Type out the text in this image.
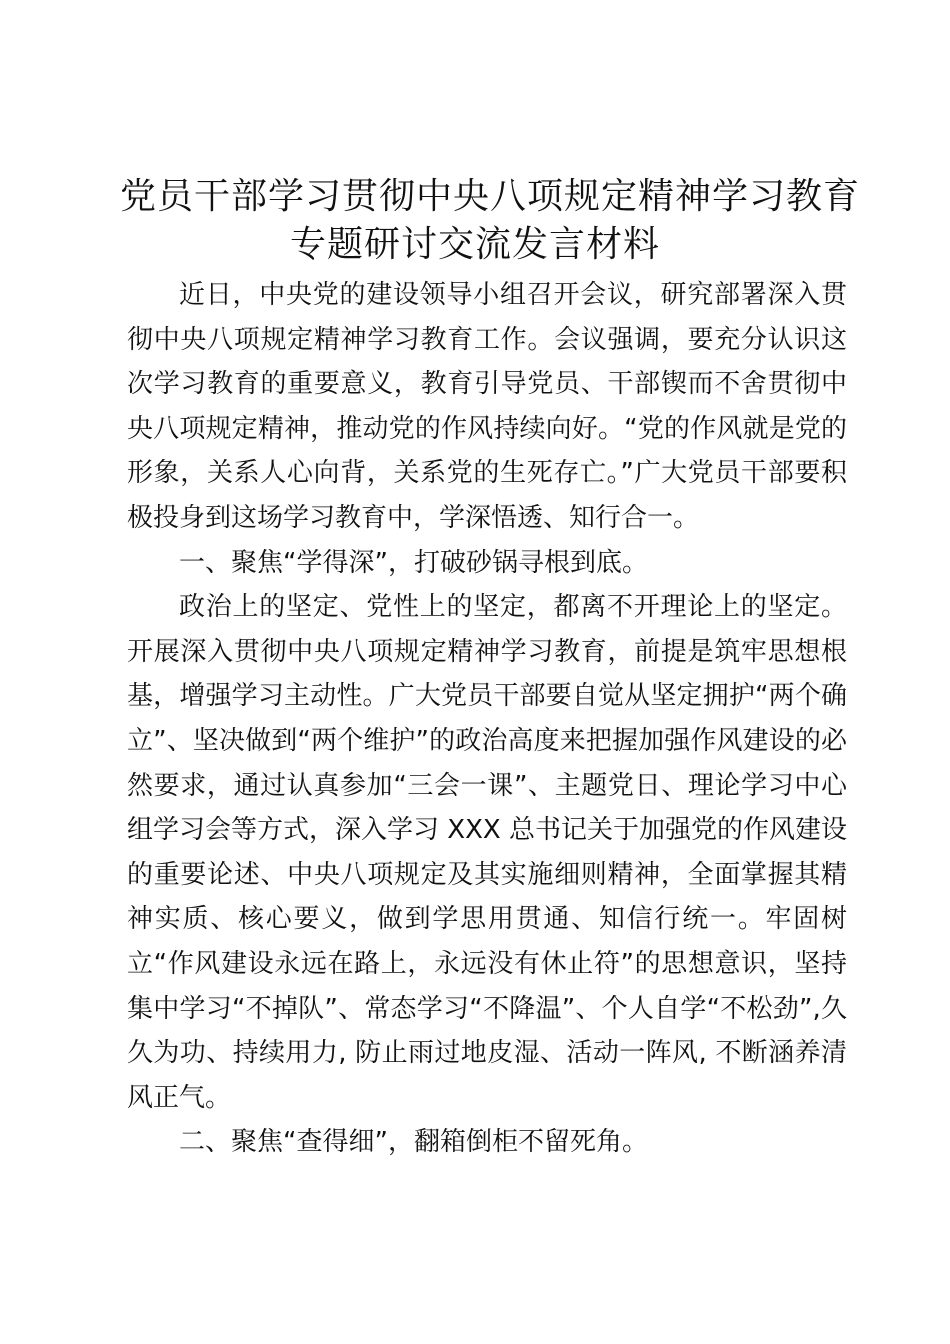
党员干部学习贯彻中央八项规定精神学习教育
专题研讨交流发言材料

近日，中央党的建设领导小组召开会议，研究部署深入贯彻中央八项规定精神学习教育工作。会议强调，要充分认识这次学习教育的重要意义，教育引导党员、干部锲而不舍贯彻中央八项规定精神，推动党的作风持续向好。“党的作风就是党的形象，关系人心向背，关系党的生死存亡。”广大党员干部要积极投身到这场学习教育中，学深悟透、知行合一。

一、聚焦“学得深”，打破砂锅寻根到底。

政治上的坚定、党性上的坚定，都离不开理论上的坚定。开展深入贯彻中央八项规定精神学习教育，前提是筑牢思想根基，增强学习主动性。广大党员干部要自觉从坚定拥护“两个确立”、坚决做到“两个维护”的政治高度来把握加强作风建设的必然要求，通过认真参加“三会一课”、主题党日、理论学习中心组学习会等方式，深入学习 XXX 总书记关于加强党的作风建设的重要论述、中央八项规定及其实施细则精神，全面掌握其精神实质、核心要义，做到学思用贯通、知信行统一。牢固树立“作风建设永远在路上，永远没有休止符”的思想意识，坚持集中学习“不掉队”、常态学习“不降温”、个人自学“不松劲”,久久为功、持续用力, 防止雨过地皮湿、活动一阵风, 不断涵养清风正气。

二、聚焦“查得细”，翻箱倒柜不留死角。
